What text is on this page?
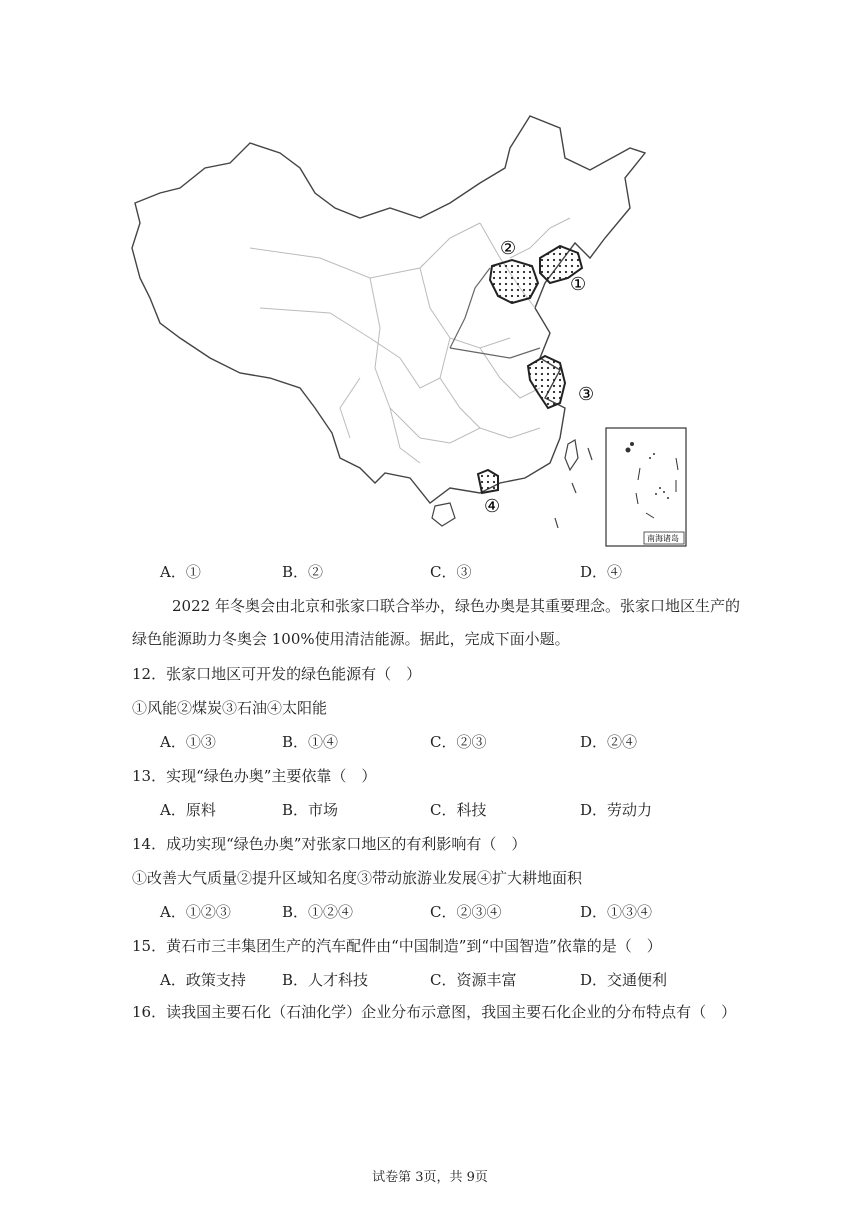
②
①
③
④
南海诸岛
A．①	B．②	C．③	D．④
2022 年冬奥会由北京和张家口联合举办，绿色办奥是其重要理念。张家口地区生产的
绿色能源助力冬奥会 100%使用清洁能源。据此，完成下面小题。
12．张家口地区可开发的绿色能源有（　）
①风能②煤炭③石油④太阳能
A．①③	B．①④	C．②③	D．②④
13．实现“绿色办奥”主要依靠（　）
A．原料	B．市场	C．科技	D．劳动力
14．成功实现“绿色办奥”对张家口地区的有利影响有（　）
①改善大气质量②提升区域知名度③带动旅游业发展④扩大耕地面积
A．①②③	B．①②④	C．②③④	D．①③④
15．黄石市三丰集团生产的汽车配件由“中国制造”到“中国智造”依靠的是（　）
A．政策支持 B．人才科技	C．资源丰富	D．交通便利
16．读我国主要石化（石油化学）企业分布示意图，我国主要石化企业的分布特点有（　）
试卷第 3页，共 9页
